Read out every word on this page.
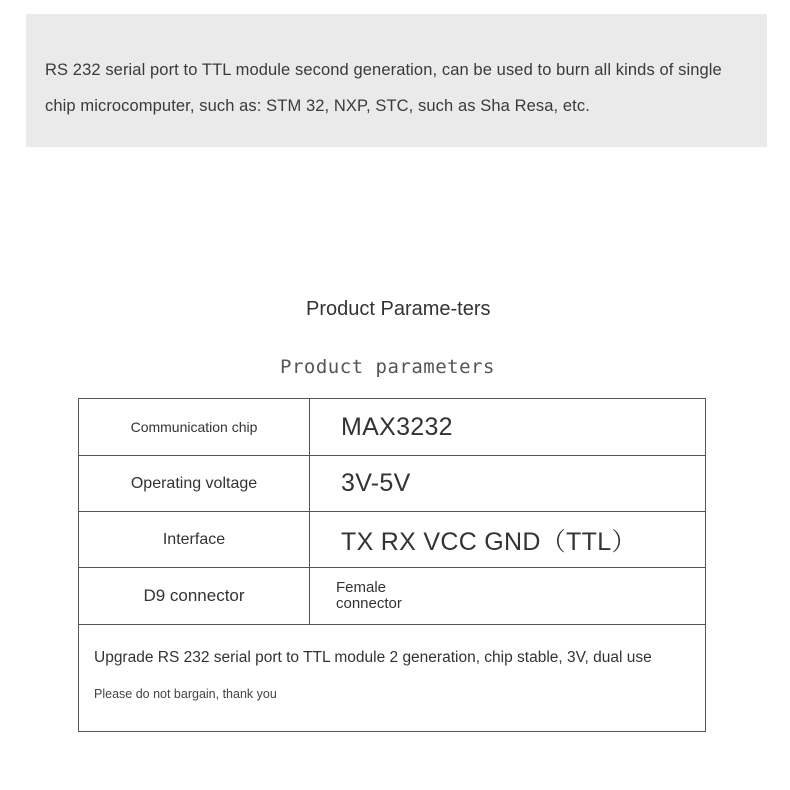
RS 232 serial port to TTL module second generation, can be used to burn all kinds of single chip microcomputer, such as: STM 32, NXP, STC, such as Sha Resa, etc.
Product Parame-ters
Product parameters
Communication chip	MAX3232
Operating voltage	3V-5V
Interface	TX RX VCC GND（TTL）
D9 connector	Female connector
Upgrade RS 232 serial port to TTL module 2 generation, chip stable, 3V, dual use
Please do not bargain, thank you
